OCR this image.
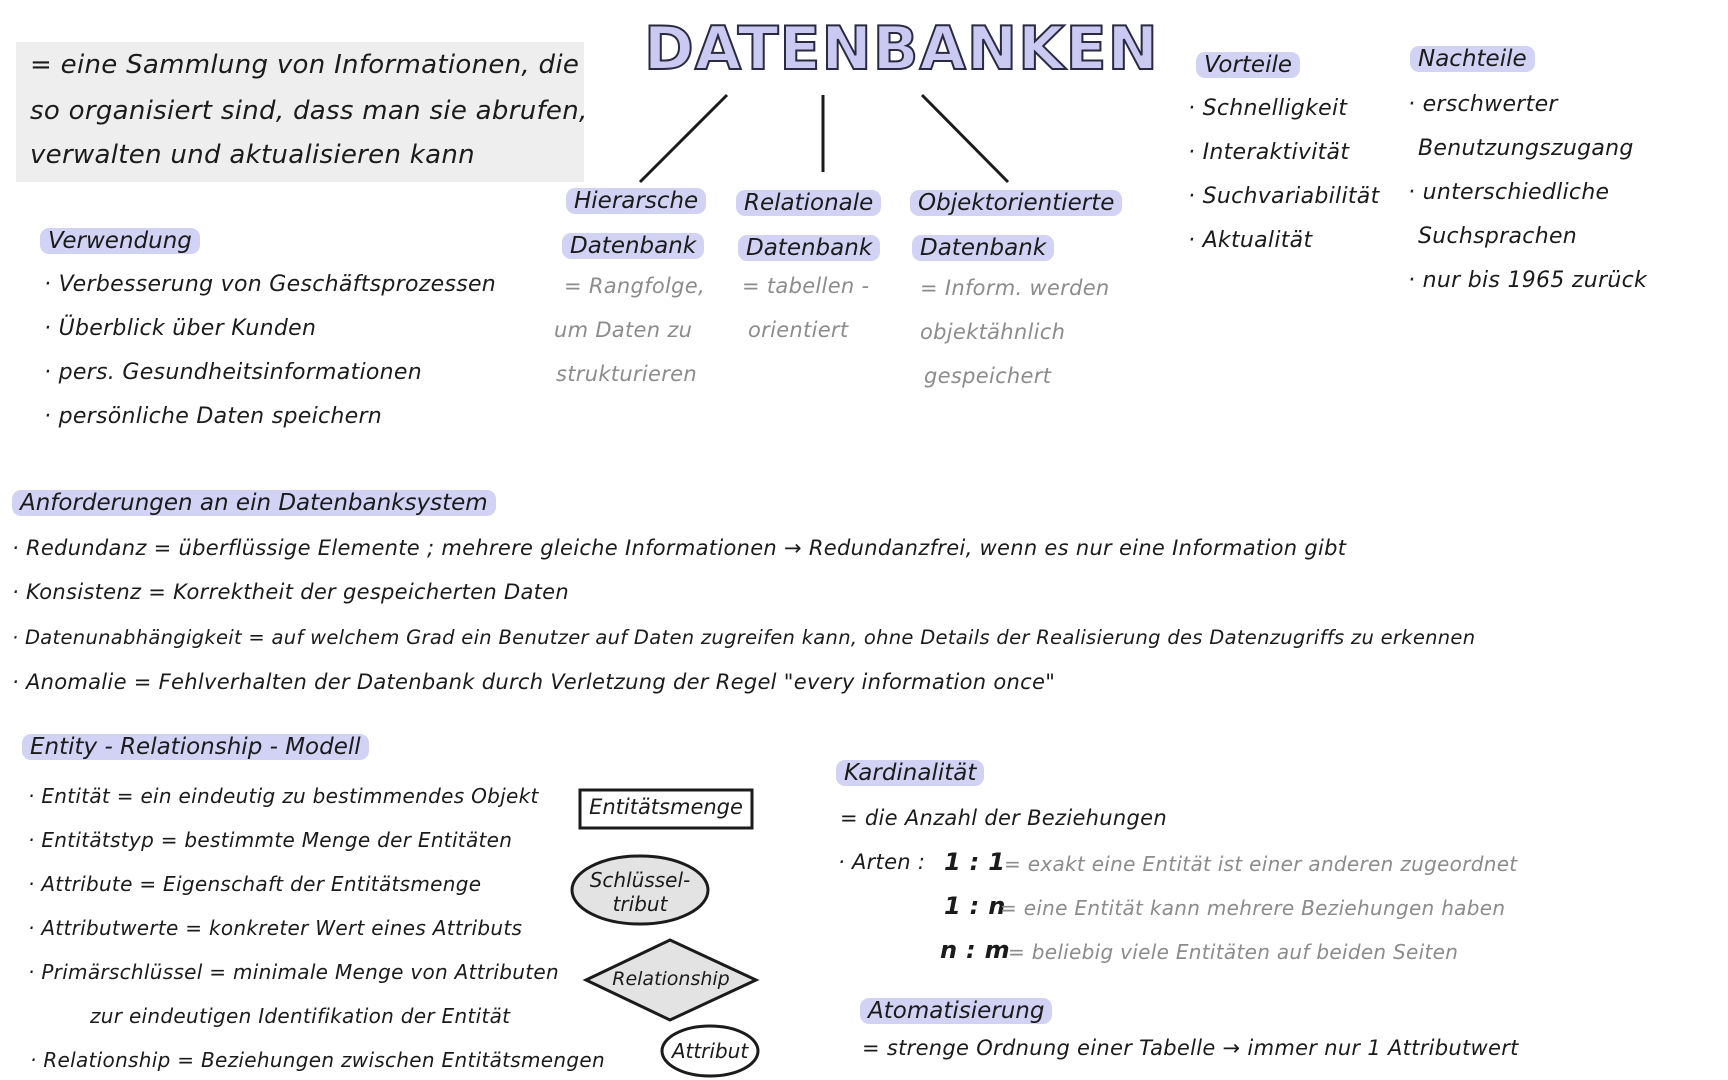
= eine Sammlung von Informationen, die
so organisiert sind, dass man sie abrufen,
verwalten und aktualisieren kann
DATENBANKEN
Hierarsche
Datenbank
= Rangfolge,
um Daten zu
strukturieren
Relationale
Datenbank
= tabellen -
orientiert
Objektorientierte
Datenbank
= Inform. werden
objektähnlich
gespeichert
Vorteile
· Schnelligkeit
· Interaktivität
· Suchvariabilität
· Aktualität
Nachteile
· erschwerter
Benutzungszugang
· unterschiedliche
Suchsprachen
· nur bis 1965 zurück
Verwendung
· Verbesserung von Geschäftsprozessen
· Überblick über Kunden
· pers. Gesundheitsinformationen
· persönliche Daten speichern
Anforderungen an ein Datenbanksystem
· Redundanz = überflüssige Elemente ; mehrere gleiche Informationen → Redundanzfrei, wenn es nur eine Information gibt
· Konsistenz = Korrektheit der gespeicherten Daten
· Datenunabhängigkeit = auf welchem Grad ein Benutzer auf Daten zugreifen kann, ohne Details der Realisierung des Datenzugriffs zu erkennen
· Anomalie = Fehlverhalten der Datenbank durch Verletzung der Regel "every information once"
Entity - Relationship - Modell
· Entität = ein eindeutig zu bestimmendes Objekt
· Entitätstyp = bestimmte Menge der Entitäten
· Attribute = Eigenschaft der Entitätsmenge
· Attributwerte = konkreter Wert eines Attributs
· Primärschlüssel = minimale Menge von Attributen
zur eindeutigen Identifikation der Entität
· Relationship = Beziehungen zwischen Entitätsmengen
Entitätsmenge
Schlüssel-
tribut
Relationship
Attribut
Kardinalität
= die Anzahl der Beziehungen
· Arten : 1 : 1
= exakt eine Entität ist einer anderen zugeordnet
1 : n
= eine Entität kann mehrere Beziehungen haben
n : m
= beliebig viele Entitäten auf beiden Seiten
Atomatisierung
= strenge Ordnung einer Tabelle → immer nur 1 Attributwert
